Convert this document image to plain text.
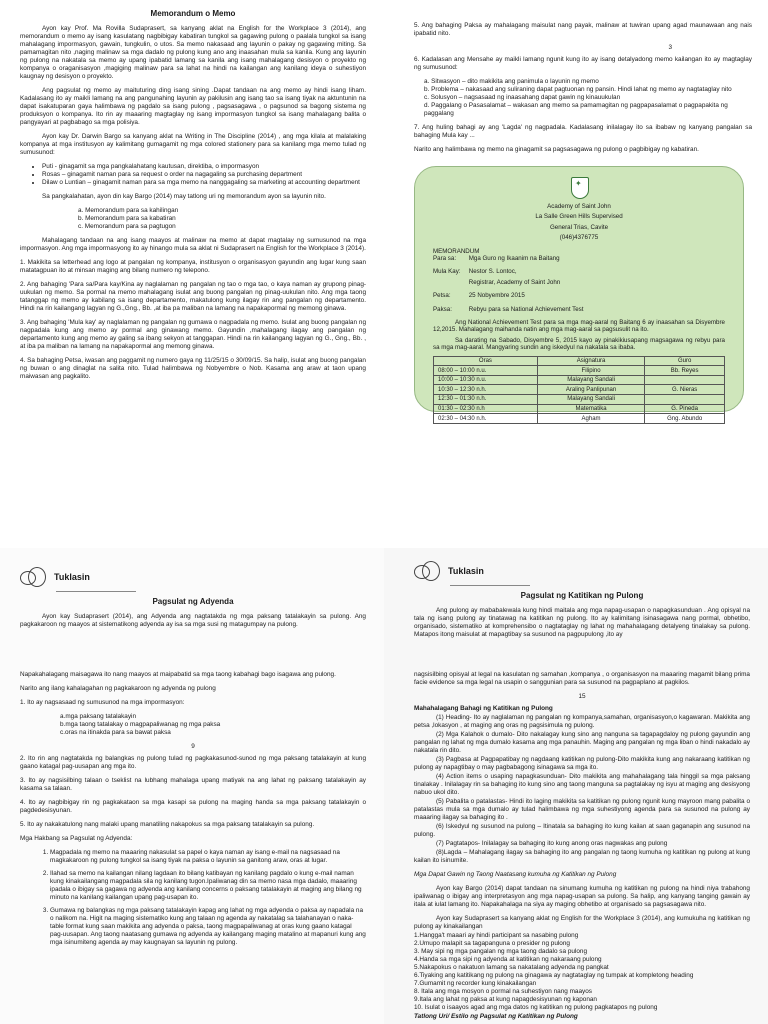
Memorandum o Memo

Ayon kay Prof. Ma Rovilla Sudaprasert, sa kanyang aklat na English for the Workplace 3 (2014), ang memorandum o memo ay isang kasulatang nagbibigay kabatiran tungkol sa gagawing pulong o paalala tungkol sa isang mahalagang impormasyon, gawain, tungkulin, o utos. Sa memo nakasaad ang layunin o pakay ng gagawing miting. Sa pamamagitan nito ,naging malinaw sa mga dadalo ng pulong kung ano ang inaasahan mula sa kanila. Kung ang layunin ng pulong na nakatala sa memo ay upang ipabatid lamang sa kanila ang isang mahalagang desisyon o proyekto ng kompanya o oraganisasyon ,magiging malinaw para sa lahat na hindi na kailangan ang kanilang ideya o suhestiyon kaugnay ng desisyon o proyekto.

Ang pagsulat ng memo ay maituturing ding isang sining .Dapat tandaan na ang memo ay hindi isang liham. Kadalasang ito ay maikli lamang na ang pangunahing layunin ay pakilusin ang isang tao sa isang tiyak na aktuntunin na dapat isakatuparan gaya halimbawa ng pagdalo sa isang pulong , pagsasagawa , o pagsunod sa bagong sistema ng produksyon o kompanya. Ito rin ay maaaring magtaglay ng isang impormasyon tungkol sa isang mahalagang balita o pangyayari at pagbabago sa mga polisiya.

Ayon kay Dr. Darwin Bargo sa kanyang aklat na Writing in The Discipline (2014) , ang mga kilala at malalaking kompanya at mga institusyon ay kalimitang gumagamit ng mga colored stationery para sa kanilang mga memo tulad ng sumusunod:

• Puti - ginagamit sa mga pangkalahatang kautusan, direktiba, o impormasyon
• Rosas – ginagamit naman para sa request o order na nagagaling sa purchasing department
• Dilaw o Luntian – ginagamit naman para sa mga memo na nanggagaling sa marketing at accounting department

Sa pangkalahatan, ayon din kay Bargo (2014) may tatlong uri ng memorandum ayon sa layunin nito.

a. Memorandum para sa kahilingan
b. Memorandum para sa kabatiran
c. Memorandum para sa pagtugon

Mahalagang tandaan na ang isang maayos at malinaw na memo at dapat magtalay ng sumusunod na mga impormasyon. Ang mga impormasyong ito ay hinango mula sa aklat ni Sudaprasert na English for the Workplace 3 (2014).

1. Makikita sa letterhead ang logo at pangalan ng kompanya, institusyon o organisasyon gayundin ang lugar kung saan matatagpuan ito at minsan maging ang bilang numero ng telepono.

2. Ang bahaging 'Para sa/Para kay/Kina ay naglalaman ng pangalan ng tao o mga tao, o kaya naman ay grupong pinag-uukulan ng memo. Sa pormal na memo mahalagang isulat ang buong pangalan ng pinag-uukulan nito. Ang mga taong tatanggap ng memo ay kabilang sa isang departamento, makatulong kung ilagay rin ang pangalan ng departamento. Hindi na rin kailangang lagyan ng G.,Gng., Bb. ,at iba pa maliban na lamang na napakapormal ng memong ginawa.

3. Ang bahaging 'Mula kay' ay naglalaman ng pangalan ng gumawa o nagpadala ng memo. Isulat ang buong pangalan ng nagpadala kung ang memo ay pormal ang ginawang memo. Gayundin ,mahalagang ilagay ang pangalan ng departamento kung ang memo ay galing sa ibang sekyon at tanggapan. Hindi na rin kailangang lagyan ng G., Gng., Bb. , at iba pa maliban na lamang na napakapormal ang memong ginawa.

4. Sa bahaging Petsa, iwasan ang paggamit ng numero gaya ng 11/25/15 o 30/09/15. Sa halip, isulat ang buong pangalan ng buwan o ang dinaglat na salita nito. Tulad halimbawa ng Nobyembre o Nob. Kasama ang araw at taon upang maiwasan ang pagkalito.

5. Ang bahaging Paksa ay mahalagang maisulat nang payak, malinaw at tuwiran upang agad maunawaan ang nais ipabatid nito.

3

6. Kadalasan ang Mensahe ay maikli lamang ngunit kung ito ay isang detalyadong memo kailangan ito ay magtaglay ng sumusunod:

a. Sitwasyon – dito makikita ang panimula o layunin ng memo
b. Problema – nakasaad ang suliraning dapat pagtuonan ng pansin. Hindi lahat ng memo ay nagtataglay nito
c. Solusyon – nagsasaad ng inaasahang dapat gawin ng kinauukulan
d. Paggalang o Pasasalamat – wakasan ang memo sa pamamagitan ng pagpapasalamat o pagpapakita ng paggalang

7. Ang huling bahagi ay ang 'Lagda' ng nagpadala. Kadalasang inilalagay ito sa ibabaw ng kanyang pangalan sa bahaging Mula kay ...

Narito ang halimbawa ng memo na ginagamit sa pagsasagawa ng pulong o pagbibigay ng kabatiran.

✦

Academy of Saint John

La Salle Green Hills Supervised

General Trias, Cavite

(046)4376775

MEMORANDUM

Para sa: Mga Guro ng Ikaanim na Baitang

Mula Kay: Nestor S. Lontoc,

Registrar, Academy of Saint John

Petsa:	25 Nobyembre 2015

Paksa:	Rebyu para sa National Achievement Test

Ang National Achievement Test para sa mga mag-aaral ng Baitang 6 ay inaasahan sa Disyembre 12,2015. Mahalagang maihanda natin ang mga mag-aaral sa pagsusulit na ito.

Sa darating na Sabado, Disyembre 5, 2015 kayo ay pinakikiusapang magsagawa ng rebyu para sa mga mag-aaral. Mangyaring sundin ang iskedyul na nakatala sa ibaba.

Oras	Asignatura	Guro
08:00 – 10:00 n.u.	Filipino	Bb. Reyes
10:00 – 10:30 n.u.	Malayang Sandali	
10:30 – 12:30 n.h.	Araling Panlipunan	G. Nieras
12:30 – 01:30 n.h.	Malayang Sandali	
01:30 – 02:30 n.h	Matematika	G. Pineda
02:30 – 04:30 n.h.	Agham	Gng. Abundo
Tuklasin

Pagsulat ng Adyenda

Ayon kay Sudaprasert (2014), ang Adyenda ang nagtatakda ng mga paksang tatalakayin sa pulong. Ang pagkakaroon ng maayos at sistematikong adyenda ay isa sa mga susi ng matagumpay na pulong.

Napakahalagang maisagawa ito nang maayos at maipabatid sa mga taong kabahagi bago isagawa ang pulong.

Narito ang ilang kahalagahan ng pagkakaroon ng adyenda ng pulong

1. Ito ay nagsasaad ng sumusunod na mga impormasyon:

a.mga paksang tatalakayin
b.mga taong tatalakay o magpapaliwanag ng mga paksa
c.oras na itinakda para sa bawat paksa

9

2. Ito rin ang nagtatakda ng balangkas ng pulong tulad ng pagkakasunod-sunod ng mga paksang tatalakayin at kung gaano katagal pag-uusapan ang mga ito.

3. Ito ay nagsisilbing talaan o tseklist na lubhang mahalaga upang matiyak na ang lahat ng paksang tatalakayin ay kasama sa talaan.

4. Ito ay nagbibigay rin ng pagkakataon sa mga kasapi sa pulong na maging handa sa mga paksang tatalakayin o pagdedesisyunan.

5. Ito ay nakakatulong nang malaki upang manatiling nakapokus sa mga paksang tatalakayin sa pulong.

Mga Hakbang sa Pagsulat ng Adyenda:

1. Magpadala ng memo na maaaring nakasulat sa papel o kaya naman ay isang e-mail na nagsasaad na magkakaroon ng pulong tungkol sa isang tiyak na paksa o layunin sa ganitong araw, oras at lugar.
2. Ilahad sa memo na kailangan nilang lagdaan ito bilang katibayan ng kanilang pagdalo o kung e-mail naman kung kinakailangang magpadala sila ng kanilang tugon.Ipaliwanag din sa memo nasa mga dadalo, maaaring ipadala o ibigay sa gagawa ng adyenda ang kanilang concerns o paksang tatalakayin at maging ang bilang ng minuto na kanilang kailangan upang pag-usapan ito.
3. Gumawa ng balangkas ng mga paksang tatalakayin kapag ang lahat ng mga adyenda o paksa ay napadala na o nalikom na. Higit na maging sistematiko kung ang talaan ng agenda ay nakatalag sa talahanayan o naka-table format kung saan makikita ang adyenda o paksa, taong magpapaliwanag at oras kung gaano katagal pag-uusapan. Ang taong naatasang gumawa ng adyenda ay kailangang maging matalino at mapanuri kung ang mga isinumiteng agenda ay may kaugnayan sa layunin ng pulong.
Tuklasin

Pagsulat ng Katitikan ng Pulong

Ang pulong ay mababalewala kung hindi maitala ang mga napag-usapan o napagkasunduan . Ang opisyal na tala ng isang pulong ay tinatawag na katitikan ng pulong. Ito ay kalimitang isinasagawa nang pormal, obhetibo, organisado, sistematiko at komprehensibo o nagtataglay ng lahat ng mahahalagang detalyeng tinalakay sa pulong. Matapos itong maisulat at mapagtibay sa susunod na pagpupulong ,ito ay

nagsisilbing opisyal at legal na kasulatan ng samahan ,kompanya , o organisasyon na maaaring magamit bilang prima facie evidence sa mga legal na usapin o sanggunian para sa susunod na pagpaplano at pagkilos.

15

Mahahalagang Bahagi ng Katitikan ng Pulong

(1) Heading- Ito ay naglalaman ng pangalan ng kompanya,samahan, organisasyon,o kagawaran. Makikita ang petsa ,lokasyon , at maging ang oras ng pagsisimula ng pulong.

(2) Mga Kalahok o dumalo- Dito nakalagay kung sino ang nanguna sa tagapagdaloy ng pulong gayundin ang pangalan ng lahat ng mga dumalo kasama ang mga panauhin. Maging ang pangalan ng mga liban o hindi nakadalo ay nakatala rin dito.

(3) Pagbasa at Pagpapatibay ng nagdaang katitikan ng pulong-Dito makikita kung ang nakaraang katitikan ng pulong ay napagtibay o may pagbabagong isinagawa sa mga ito.

(4) Action items o usaping napagkasunduan- Dito makikita ang mahahalagang tala hinggil sa mga paksang tinalakay . Inilalagay rin sa bahaging ito kung sino ang taong manguna sa pagtalakay ng isyu at maging ang desisyong nabuo ukol dito.

(5) Pabalita o patalastas- Hindi ito laging makikita sa katitikan ng pulong ngunit kung mayroon mang pabalita o patalastas mula sa mga dumalo ay tulad halimbawa ng mga suhestiyong agenda para sa susunod na pulong ay maaaring ilagay sa bahaging ito .

(6) Iskedyul ng susunod na pulong – Itinatala sa bahaging ito kung kailan at saan gaganapin ang susunod na pulong.

(7) Pagtatapos- Inilalagay sa bahaging ito kung anong oras nagwakas ang pulong

(8)Lagda – Mahalagang ilagay sa bahaging ito ang pangalan ng taong kumuha ng katitikan ng pulong at kung kailan ito isinumite.

Mga Dapat Gawin ng Taong Naatasang kumuha ng Katitikan ng Pulong

Ayon kay Bargo (2014) dapat tandaan na sinumang kumuha ng katitikan ng pulong na hindi niya trabahong ipaliwanag o ibigay ang interpretasyon ang mga napag-usapan sa pulong. Sa halip, ang kanyang tanging gawain ay itala at iulat lamang ito. Napakahalaga na siya ay maging obhetibo at organisado sa pagsasagawa nito.

Ayon kay Sudaprasert sa kanyang aklat ng English for the Workplace 3 (2014), ang kumukuha ng katitikan ng pulong ay kinakailangan

1.Hangga't maaari ay hindi participant sa nasabing pulong

2.Umupo malapit sa tagapanguna o presider ng pulong

3. May sipi ng mga pangalan ng mga taong dadalo sa pulong

4.Handa sa mga sipi ng adyenda at katitikan ng nakaraang pulong

5.Nakapokus o nakatuon lamang sa nakatalang adyenda ng pangkat

6.Tiyaking ang katitikang ng pulong na ginagawa ay nagtataglay ng tumpak at kompletong heading

7.Gumamit ng recorder kung kinakailangan

8. Itala ang mga mosyon o pormal na suhestiyon nang maayos

9.Itala ang lahat ng paksa at kung napagdesisyunan ng kaponan

10. Isulat o isaayos agad ang mga datos ng katitikan ng pulong pagkatapos ng pulong

Tatlong Uri/ Estilo ng Pagsulat ng Katitikan ng Pulong
